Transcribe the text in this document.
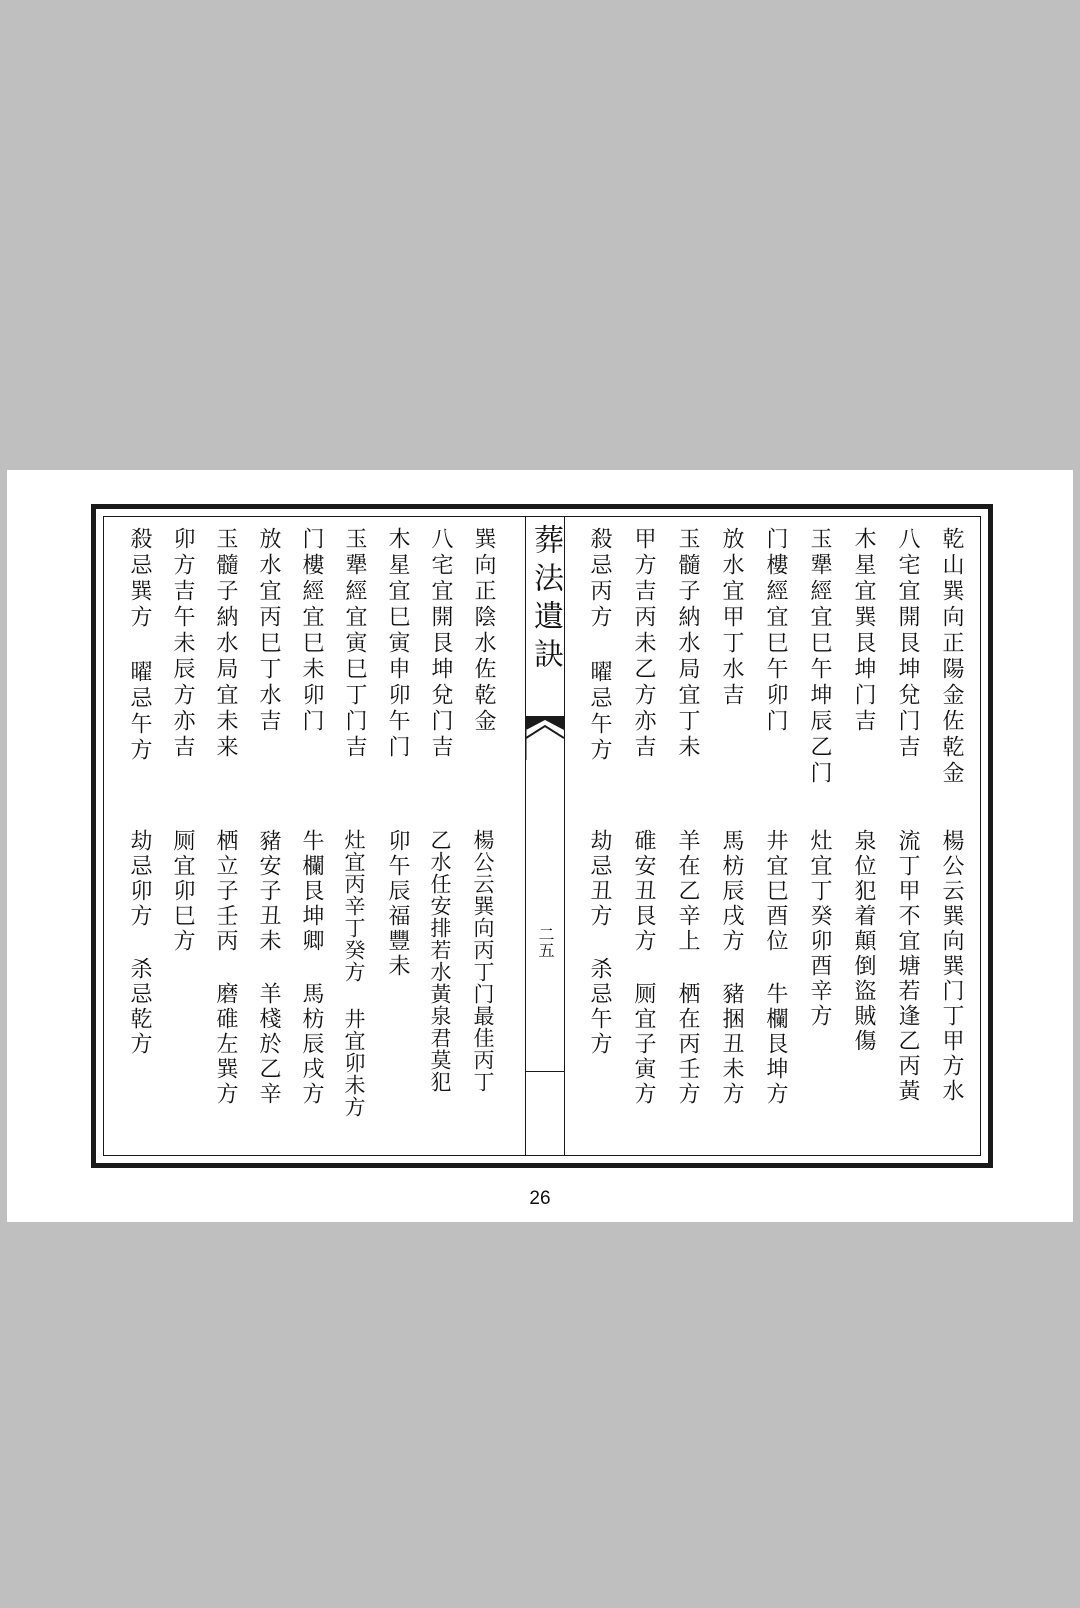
乾山巽向正陽金佐乾金
楊公云巽向巽门丁甲方水
八宅宜開艮坤兌门吉
流丁甲不宜塘若逢乙丙黃
木星宜巽艮坤门吉
泉位犯着顛倒盜賊傷
玉犟經宜巳午坤辰乙门
灶宜丁癸卯酉辛方
门樓經宜巳午卯门
井宜巳酉位 牛欄艮坤方
放水宜甲丁水吉
馬枋辰戌方 豬捆丑未方
玉髓子納水局宜丁未
羊在乙辛上 栖在丙壬方
甲方吉丙未乙方亦吉
碓安丑艮方 厕宜子寅方
殺忌丙方 曜忌午方
劫忌丑方 杀忌午方
葬法遺訣
二五
巽向正陰水佐乾金
楊公云巽向丙丁门最佳丙丁
八宅宜開艮坤兌门吉
乙水任安排若水黃泉君莫犯
木星宜巳寅申卯午门
卯午辰福豐未
玉犟經宜寅巳丁门吉
灶宜丙辛丁癸方 井宜卯未方
门樓經宜巳未卯门
牛欄艮坤卿 馬枋辰戌方
放水宜丙巳丁水吉
豬安子丑未 羊棧於乙辛
玉髓子納水局宜未来
栖立子壬丙 磨碓左巽方
卯方吉午未辰方亦吉
厕宜卯巳方
殺忌巽方 曜忌午方
劫忌卯方 杀忌乾方
26
